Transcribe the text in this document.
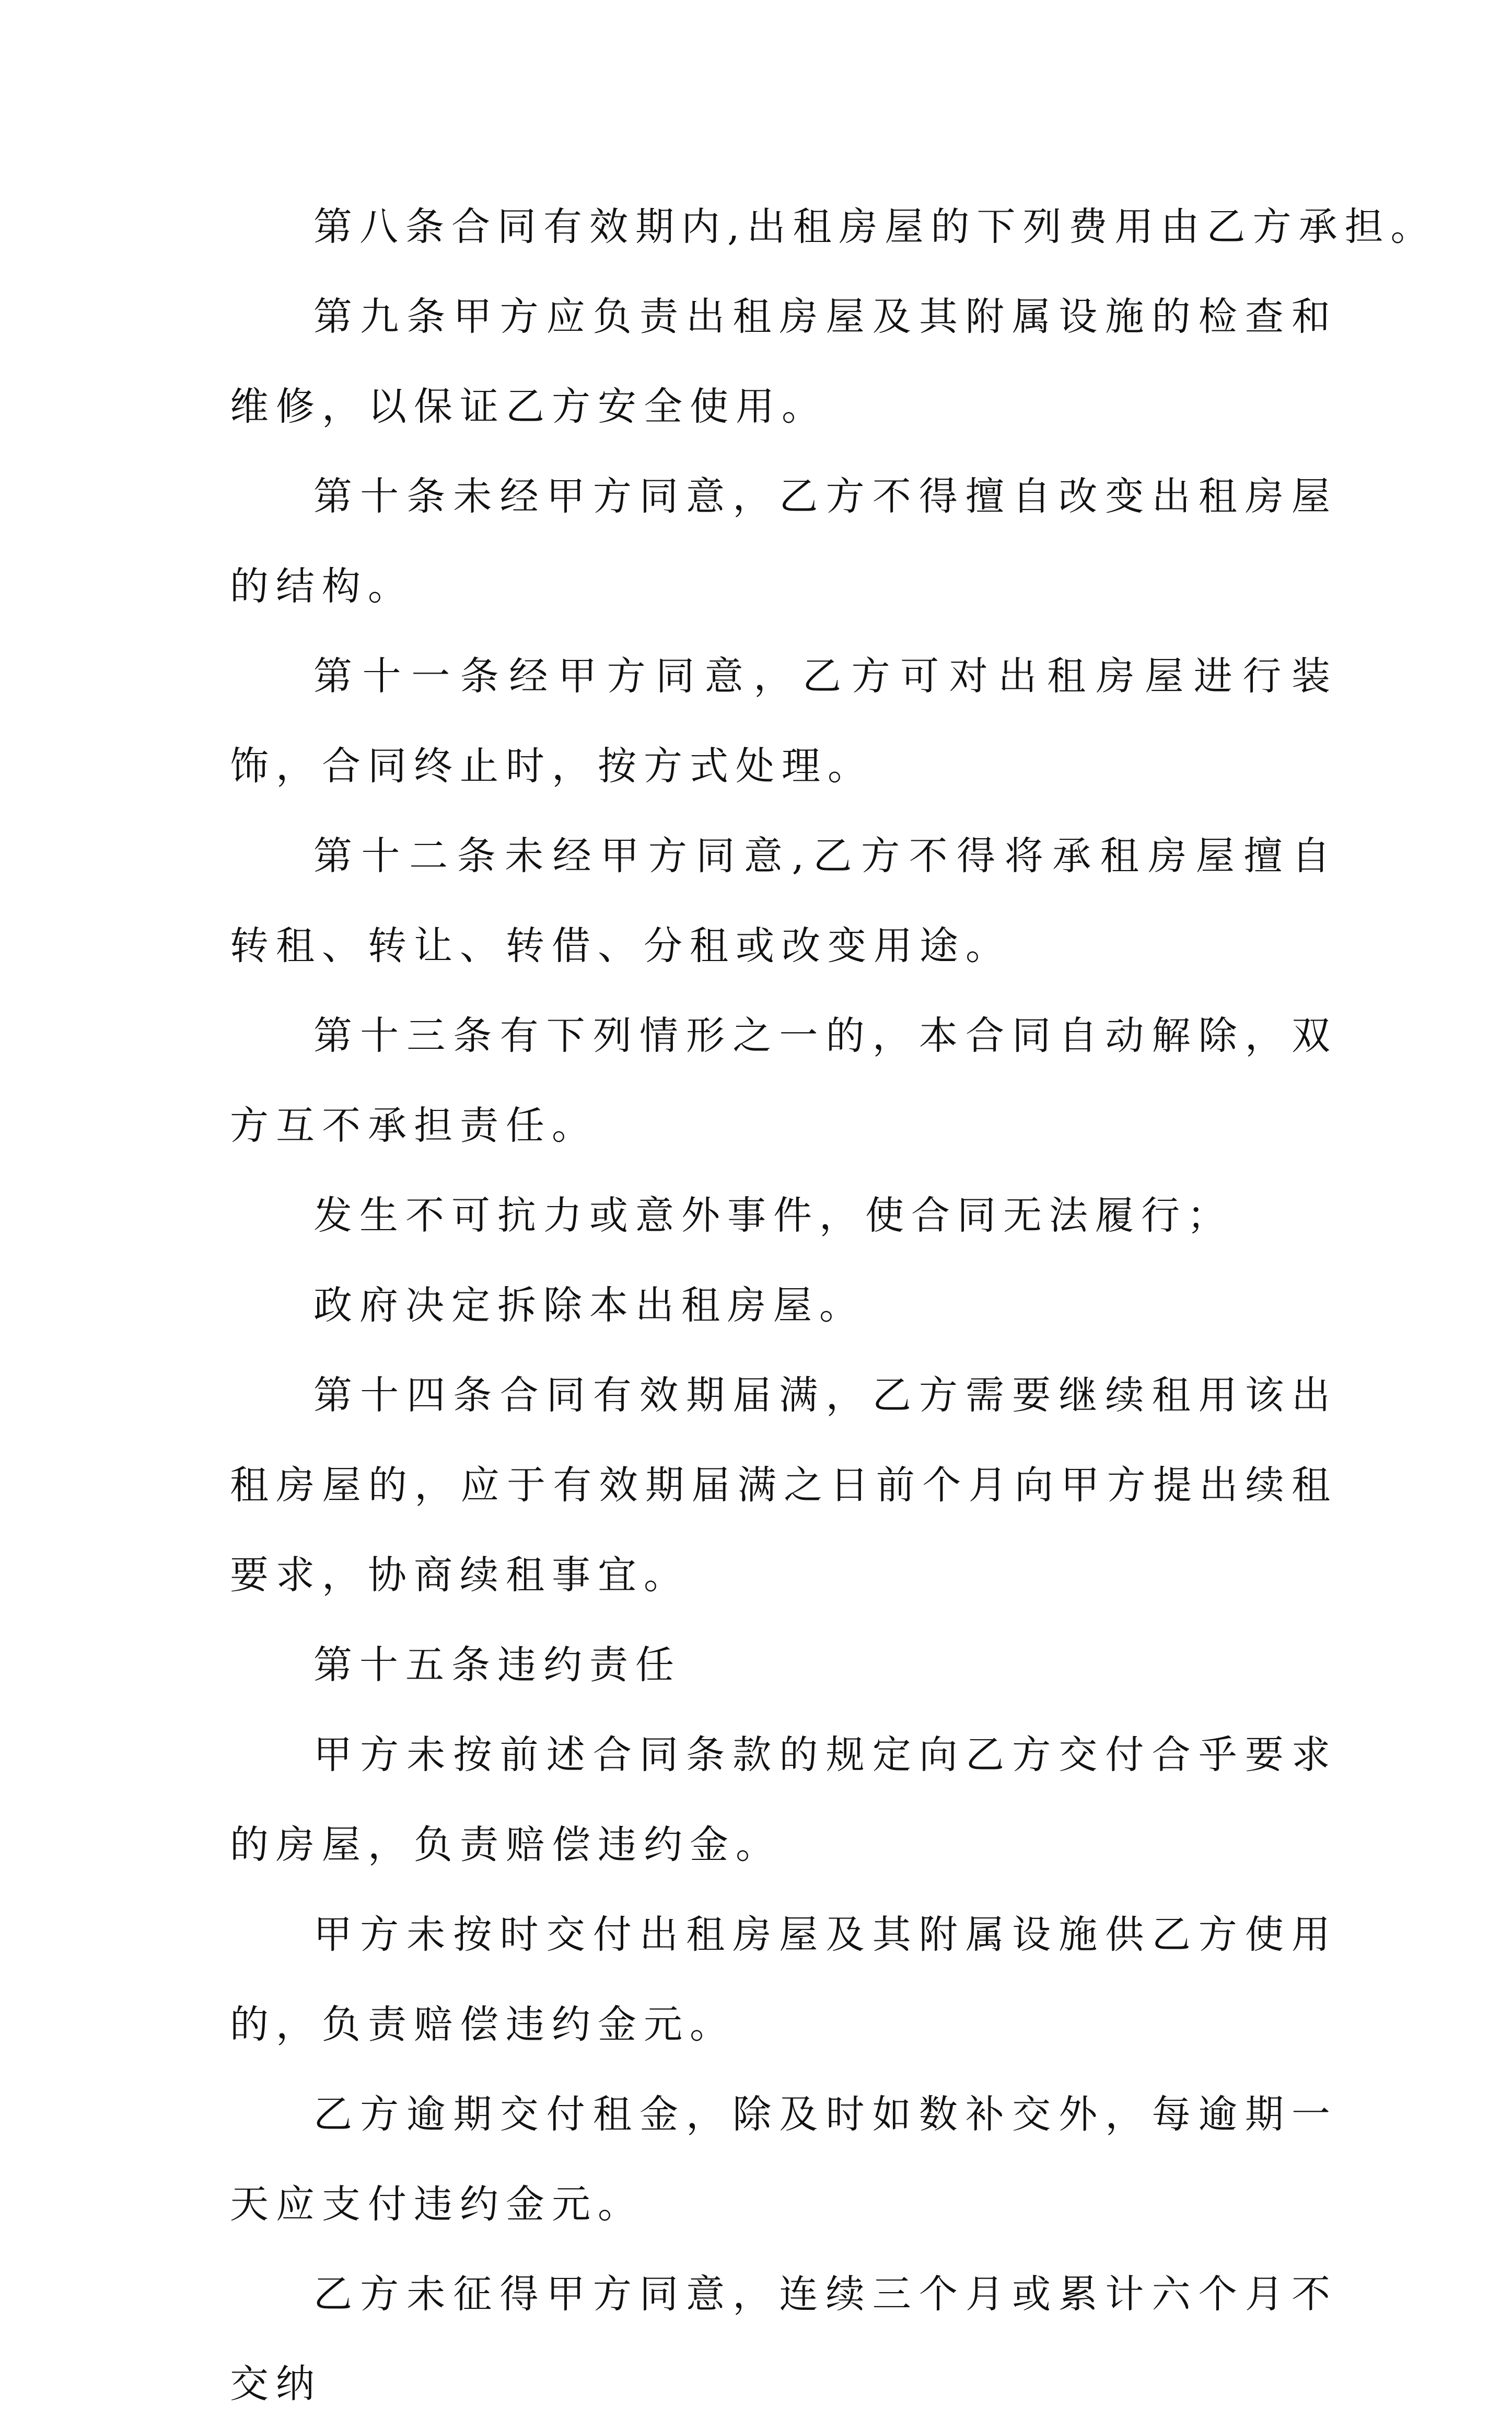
第八条合同有效期内,出租房屋的下列费用由乙方承担。

第九条甲方应负责出租房屋及其附属设施的检查和维修，以保证乙方安全使用。

第十条未经甲方同意，乙方不得擅自改变出租房屋的结构。

第十一条经甲方同意，乙方可对出租房屋进行装饰，合同终止时，按方式处理。

第十二条未经甲方同意,乙方不得将承租房屋擅自转租、转让、转借、分租或改变用途。

第十三条有下列情形之一的，本合同自动解除，双方互不承担责任。

发生不可抗力或意外事件，使合同无法履行；

政府决定拆除本出租房屋。

第十四条合同有效期届满，乙方需要继续租用该出租房屋的，应于有效期届满之日前个月向甲方提出续租要求，协商续租事宜。

第十五条违约责任

甲方未按前述合同条款的规定向乙方交付合乎要求的房屋，负责赔偿违约金。

甲方未按时交付出租房屋及其附属设施供乙方使用的，负责赔偿违约金元。

乙方逾期交付租金，除及时如数补交外，每逾期一天应支付违约金元。

乙方未征得甲方同意，连续三个月或累计六个月不交纳
